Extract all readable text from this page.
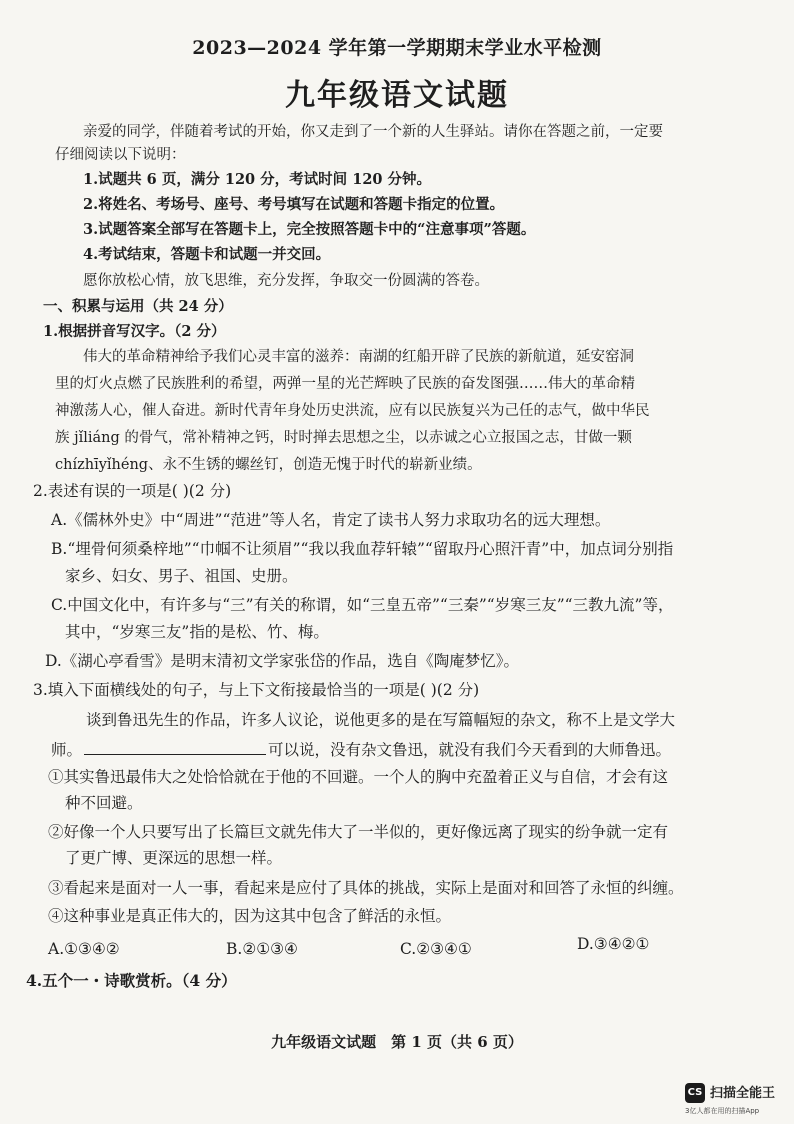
2023—2024 学年第一学期期末学业水平检测
九年级语文试题
亲爱的同学，伴随着考试的开始，你又走到了一个新的人生驿站。请你在答题之前，一定要
仔细阅读以下说明：
1.试题共 6 页，满分 120 分，考试时间 120 分钟。
2.将姓名、考场号、座号、考号填写在试题和答题卡指定的位置。
3.试题答案全部写在答题卡上，完全按照答题卡中的“注意事项”答题。
4.考试结束，答题卡和试题一并交回。
愿你放松心情，放飞思维，充分发挥，争取交一份圆满的答卷。
一、积累与运用（共 24 分）
1.根据拼音写汉字。（2 分）
伟大的革命精神给予我们心灵丰富的滋养：南湖的红船开辟了民族的新航道，延安窑洞
里的灯火点燃了民族胜利的希望，两弹一星的光芒辉映了民族的奋发图强……伟大的革命精
神激荡人心，催人奋进。新时代青年身处历史洪流，应有以民族复兴为己任的志气，做中华民
族 jǐliáng 的骨气，常补精神之钙，时时掸去思想之尘，以赤诚之心立报国之志，甘做一颗
chízhīyǐhéng、永不生锈的螺丝钉，创造无愧于时代的崭新业绩。
2.表述有误的一项是( )(2 分)
A.《儒林外史》中“周进”“范进”等人名，肯定了读书人努力求取功名的远大理想。
B.“埋骨何须桑梓地”“巾帼不让须眉”“我以我血荐轩辕”“留取丹心照汗青”中，加点词分别指
家乡、妇女、男子、祖国、史册。
C.中国文化中，有许多与“三”有关的称谓，如“三皇五帝”“三秦”“岁寒三友”“三教九流”等，
其中，“岁寒三友”指的是松、竹、梅。
D.《湖心亭看雪》是明末清初文学家张岱的作品，选自《陶庵梦忆》。
3.填入下面横线处的句子，与上下文衔接最恰当的一项是( )(2 分)
谈到鲁迅先生的作品，许多人议论，说他更多的是在写篇幅短的杂文，称不上是文学大
师。	可以说，没有杂文鲁迅，就没有我们今天看到的大师鲁迅。
①其实鲁迅最伟大之处恰恰就在于他的不回避。一个人的胸中充盈着正义与自信，才会有这
种不回避。
②好像一个人只要写出了长篇巨文就先伟大了一半似的，更好像远离了现实的纷争就一定有
了更广博、更深远的思想一样。
③看起来是面对一人一事，看起来是应付了具体的挑战，实际上是面对和回答了永恒的纠缠。
④这种事业是真正伟大的，因为这其中包含了鲜活的永恒。
A.①③④②	B.②①③④	C.②③④①	D.③④②①
4.五个一・诗歌赏析。（4 分）
九年级语文试题　第 1 页（共 6 页）
CS 扫描全能王
3亿人都在用的扫描App
